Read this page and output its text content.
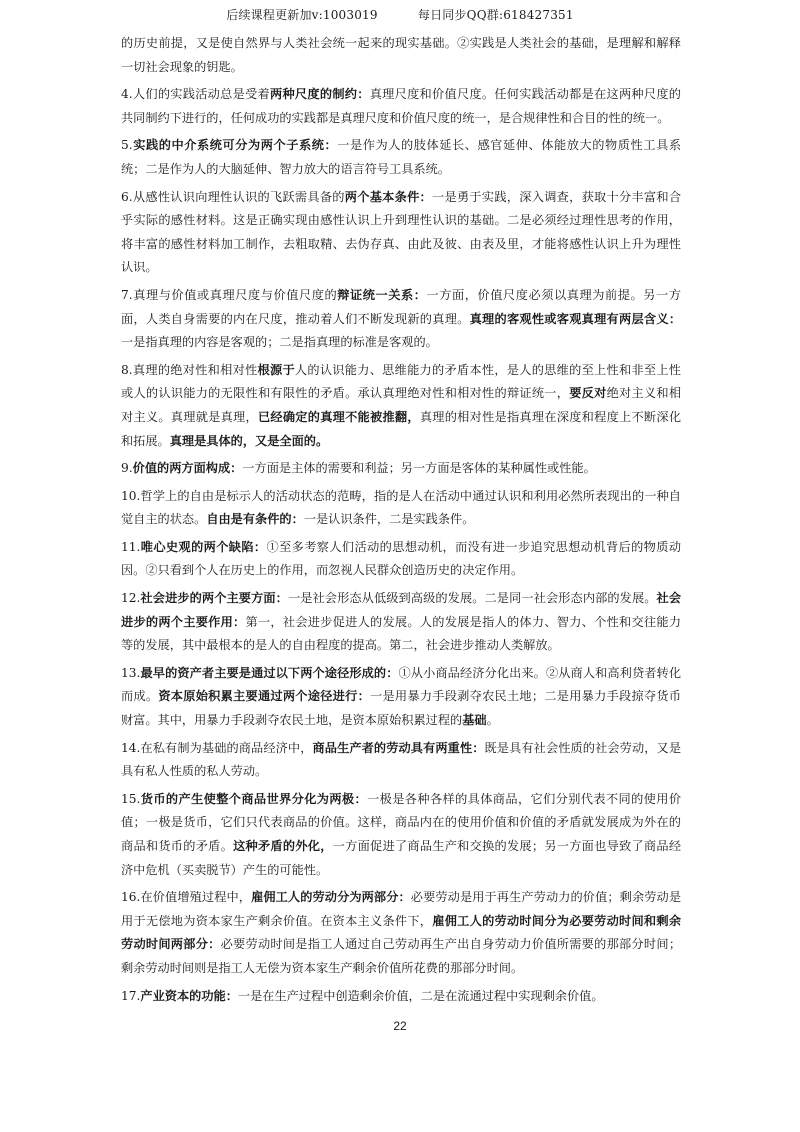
后续课程更新加v:1003019          每日同步QQ群:618427351

的历史前提，又是使自然界与人类社会统一起来的现实基础。②实践是人类社会的基础，是理解和解释一切社会现象的钥匙。

4.人们的实践活动总是受着两种尺度的制约：真理尺度和价值尺度。任何实践活动都是在这两种尺度的共同制约下进行的，任何成功的实践都是真理尺度和价值尺度的统一，是合规律性和合目的性的统一。

5.实践的中介系统可分为两个子系统：一是作为人的肢体延长、感官延伸、体能放大的物质性工具系统；二是作为人的大脑延伸、智力放大的语言符号工具系统。

6.从感性认识向理性认识的飞跃需具备的两个基本条件：一是勇于实践，深入调查，获取十分丰富和合乎实际的感性材料。这是正确实现由感性认识上升到理性认识的基础。二是必须经过理性思考的作用，将丰富的感性材料加工制作，去粗取精、去伪存真、由此及彼、由表及里，才能将感性认识上升为理性认识。

7.真理与价值或真理尺度与价值尺度的辩证统一关系：一方面，价值尺度必须以真理为前提。另一方面，人类自身需要的内在尺度，推动着人们不断发现新的真理。真理的客观性或客观真理有两层含义：一是指真理的内容是客观的；二是指真理的标准是客观的。

8.真理的绝对性和相对性根源于人的认识能力、思维能力的矛盾本性，是人的思维的至上性和非至上性或人的认识能力的无限性和有限性的矛盾。承认真理绝对性和相对性的辩证统一，要反对绝对主义和相对主义。真理就是真理，已经确定的真理不能被推翻，真理的相对性是指真理在深度和程度上不断深化和拓展。真理是具体的，又是全面的。

9.价值的两方面构成：一方面是主体的需要和利益；另一方面是客体的某种属性或性能。

10.哲学上的自由是标示人的活动状态的范畴，指的是人在活动中通过认识和利用必然所表现出的一种自觉自主的状态。自由是有条件的：一是认识条件，二是实践条件。

11.唯心史观的两个缺陷：①至多考察人们活动的思想动机，而没有进一步追究思想动机背后的物质动因。②只看到个人在历史上的作用，而忽视人民群众创造历史的决定作用。

12.社会进步的两个主要方面：一是社会形态从低级到高级的发展。二是同一社会形态内部的发展。社会进步的两个主要作用：第一，社会进步促进人的发展。人的发展是指人的体力、智力、个性和交往能力等的发展，其中最根本的是人的自由程度的提高。第二，社会进步推动人类解放。

13.最早的资产者主要是通过以下两个途径形成的：①从小商品经济分化出来。②从商人和高利贷者转化而成。资本原始积累主要通过两个途径进行：一是用暴力手段剥夺农民土地；二是用暴力手段掠夺货币财富。其中，用暴力手段剥夺农民土地，是资本原始积累过程的基础。

14.在私有制为基础的商品经济中，商品生产者的劳动具有两重性：既是具有社会性质的社会劳动，又是具有私人性质的私人劳动。

15.货币的产生使整个商品世界分化为两极：一极是各种各样的具体商品，它们分别代表不同的使用价值；一极是货币，它们只代表商品的价值。这样，商品内在的使用价值和价值的矛盾就发展成为外在的商品和货币的矛盾。这种矛盾的外化，一方面促进了商品生产和交换的发展；另一方面也导致了商品经济中危机（买卖脱节）产生的可能性。

16.在价值增殖过程中，雇佣工人的劳动分为两部分：必要劳动是用于再生产劳动力的价值；剩余劳动是用于无偿地为资本家生产剩余价值。在资本主义条件下，雇佣工人的劳动时间分为必要劳动时间和剩余劳动时间两部分：必要劳动时间是指工人通过自己劳动再生产出自身劳动力价值所需要的那部分时间；剩余劳动时间则是指工人无偿为资本家生产剩余价值所花费的那部分时间。

17.产业资本的功能：一是在生产过程中创造剩余价值，二是在流通过程中实现剩余价值。

22
